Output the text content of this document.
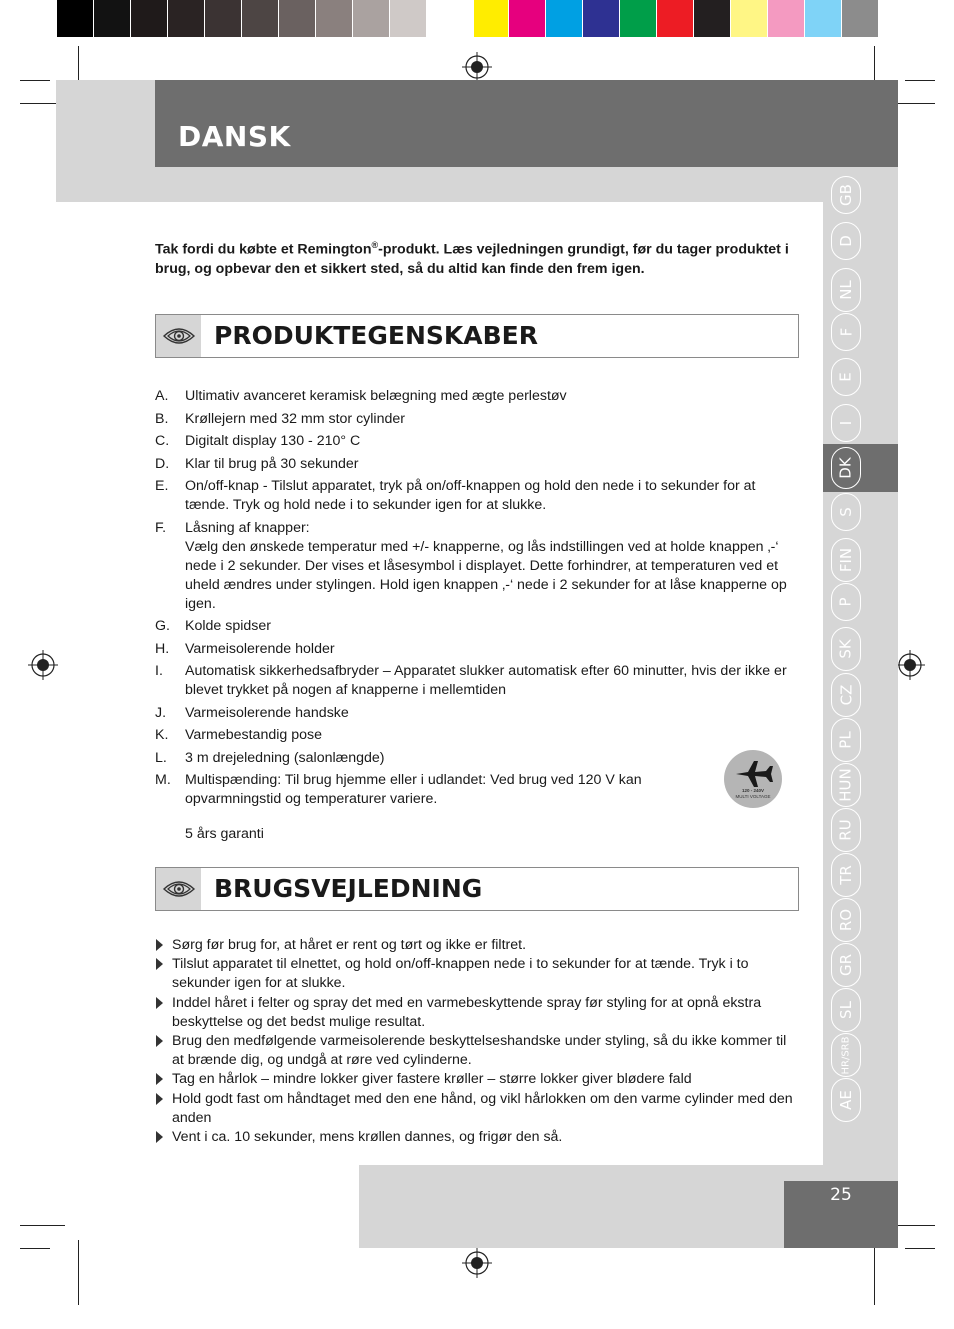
DANSK
GB
D
NL
F
E
I
DK
S
FIN
P
SK
CZ
PL
HUN
RU
TR
RO
GR
SL
HR/SRB
AE
Tak fordi du købte et Remington®-produkt. Læs vejledningen grundigt, før du tager produktet i brug, og opbevar den et sikkert sted, så du altid kan finde den frem igen.
PRODUKTEGENSKABER
A.	Ultimativ avanceret keramisk belægning med ægte perlestøv
B.	Krøllejern med 32 mm stor cylinder
C.	Digitalt display 130 - 210° C
D.	Klar til brug på 30 sekunder
E.	On/off-knap - Tilslut apparatet, tryk på on/off-knappen og hold den nede i to sekunder for at tænde. Tryk og hold nede i to sekunder igen for at slukke.
F.	Låsning af knapper:
Vælg den ønskede temperatur med +/- knapperne, og lås indstillingen ved at holde knappen ‚-‘ nede i 2 sekunder. Der vises et låsesymbol i displayet. Dette forhindrer, at temperaturen ved et uheld ændres under stylingen. Hold igen knappen ‚-‘ nede i 2 sekunder for at låse knapperne op igen.
G.	Kolde spidser
H.	Varmeisolerende holder
I.	Automatisk sikkerhedsafbryder – Apparatet slukker automatisk efter 60 minutter, hvis der ikke er blevet trykket på nogen af knapperne i mellemtiden
J.	Varmeisolerende handske
K.	Varmebestandig pose
L.	3 m drejeledning (salonlængde)
M.	Multispænding: Til brug hjemme eller i udlandet: Ved brug ved 120 V kan opvarmningstid og temperaturer variere.
5 års garanti
120 - 240V
MULTI VOLTAGE
BRUGSVEJLEDNING
Sørg før brug for, at håret er rent og tørt og ikke er filtret.
Tilslut apparatet til elnettet, og hold on/off-knappen nede i to sekunder for at tænde. Tryk i to sekunder igen for at slukke.
Inddel håret i felter og spray det med en varmebeskyttende spray før styling for at opnå ekstra beskyttelse og det bedst mulige resultat.
Brug den medfølgende varmeisolerende beskyttelseshandske under styling, så du ikke kommer til at brænde dig, og undgå at røre ved cylinderne.
Tag en hårlok – mindre lokker giver fastere krøller – større lokker giver blødere fald
Hold godt fast om håndtaget med den ene hånd, og vikl hårlokken om den varme cylinder med den anden
Vent i ca. 10 sekunder, mens krøllen dannes, og frigør den så.
25
